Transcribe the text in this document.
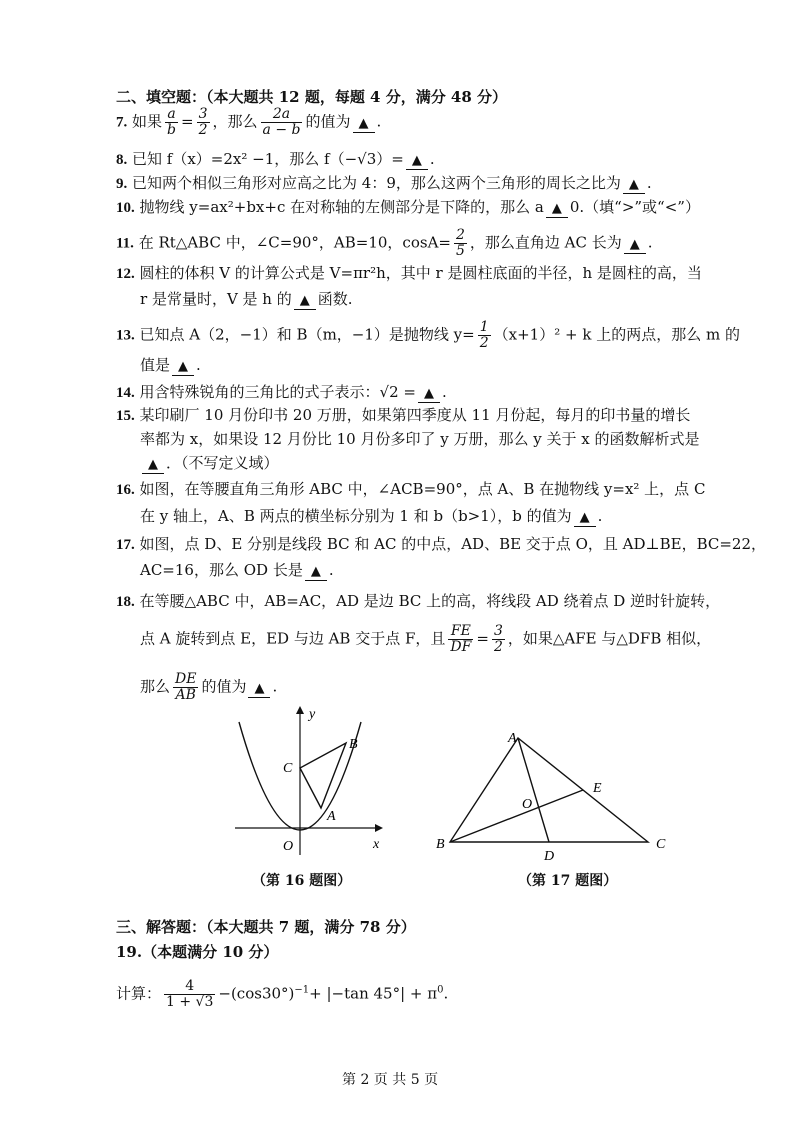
二、填空题：（本大题共 12 题，每题 4 分，满分 48 分）
7. 如果 $\frac{a}{b} = \frac{3}{2}$ ，那么 $\frac{2a}{a - b}$ 的值为 ▲ .
8. 已知 f（x）=2x² −1，那么 f（−√3）= ▲ .
9. 已知两个相似三角形对应高之比为 4：9，那么这两个三角形的周长之比为 ▲ .
10. 抛物线 y=ax²+bx+c 在对称轴的左侧部分是下降的，那么 a ▲ 0.（填“>”或“<”）
11. 在 Rt△ABC 中，∠C=90°，AB=10，$\cos A= \frac{2}{5}$ ，那么直角边 AC 长为 ▲ .
12. 圆柱的体积 V 的计算公式是 V=πr²h，其中 r 是圆柱底面的半径，h 是圆柱的高，当
r 是常量时，V 是 h 的 ▲ 函数.
13. 已知点 A（2，−1）和 B（m，−1）是抛物线 $y= \frac{1}{2} (x+1)^2 + k$ 上的两点，那么 m 的
值是 ▲ .
14. 用含特殊锐角的三角比的式子表示：√2 = ▲ .
15. 某印刷厂 10 月份印书 20 万册，如果第四季度从 11 月份起，每月的印书量的增长
率都为 x，如果设 12 月份比 10 月份多印了 y 万册，那么 y 关于 x 的函数解析式是
▲ ．（不写定义域）
16. 如图，在等腰直角三角形 ABC 中，∠ACB=90°，点 A、B 在抛物线 y=x² 上，点 C
在 y 轴上，A、B 两点的横坐标分别为 1 和 b（b>1），b 的值为 ▲ .
17. 如图，点 D、E 分别是线段 BC 和 AC 的中点，AD、BE 交于点 O，且 AD⊥BE，BC=22，
AC=16，那么 OD 长是 ▲ .
18. 在等腰△ABC 中，AB=AC，AD 是边 BC 上的高，将线段 AD 绕着点 D 逆时针旋转，
点 A 旋转到点 E，ED 与边 AB 交于点 F，且 $\frac{FE}{DF} = \frac{3}{2}$ ，如果△AFE 与△DFB 相似，
那么 $\frac{DE}{AB}$ 的值为 ▲ .
y
x
O
C
A
B
（第 16 题图）
A
B	C
D
E
O
（第 17 题图）
三、解答题：（本大题共 7 题，满分 78 分）
19.（本题满分 10 分）
计算： $\frac{4}{1 + √3} -(\cos 30^\circ)^{-1}+ |-\tan$ $45^\circ| + \pi^0$.
第 2 页 共 5 页
